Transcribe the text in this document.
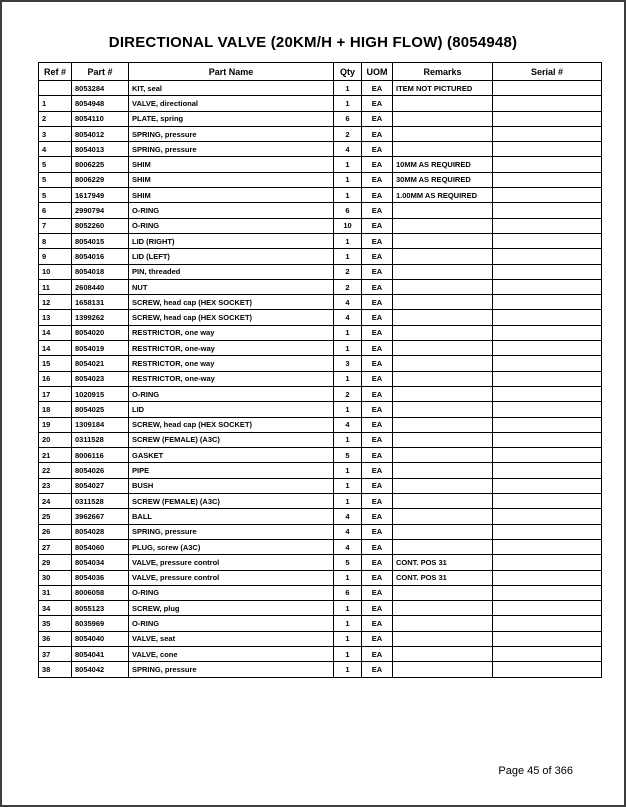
DIRECTIONAL VALVE (20KM/H + HIGH FLOW) (8054948)
Ref #	Part #	Part Name	Qty	UOM	Remarks	Serial #
	8053284	KIT, seal	1	EA	ITEM NOT PICTURED	
1	8054948	VALVE, directional	1	EA		
2	8054110	PLATE, spring	6	EA		
3	8054012	SPRING, pressure	2	EA		
4	8054013	SPRING, pressure	4	EA		
5	8006225	SHIM	1	EA	10MM AS REQUIRED	
5	8006229	SHIM	1	EA	30MM AS REQUIRED	
5	1617949	SHIM	1	EA	1.00MM AS REQUIRED	
6	2990794	O-RING	6	EA		
7	8052260	O-RING	10	EA		
8	8054015	LID (RIGHT)	1	EA		
9	8054016	LID (LEFT)	1	EA		
10	8054018	PIN, threaded	2	EA		
11	2608440	NUT	2	EA		
12	1658131	SCREW, head cap (HEX SOCKET)	4	EA		
13	1399262	SCREW, head cap (HEX SOCKET)	4	EA		
14	8054020	RESTRICTOR, one way	1	EA		
14	8054019	RESTRICTOR, one-way	1	EA		
15	8054021	RESTRICTOR, one way	3	EA		
16	8054023	RESTRICTOR, one-way	1	EA		
17	1020915	O-RING	2	EA		
18	8054025	LID	1	EA		
19	1309184	SCREW, head cap (HEX SOCKET)	4	EA		
20	0311528	SCREW (FEMALE) (A3C)	1	EA		
21	8006116	GASKET	5	EA		
22	8054026	PIPE	1	EA		
23	8054027	BUSH	1	EA		
24	0311528	SCREW (FEMALE) (A3C)	1	EA		
25	3962667	BALL	4	EA		
26	8054028	SPRING, pressure	4	EA		
27	8054060	PLUG, screw (A3C)	4	EA		
29	8054034	VALVE, pressure control	5	EA	CONT. POS 31	
30	8054036	VALVE, pressure control	1	EA	CONT. POS 31	
31	8006058	O-RING	6	EA		
34	8055123	SCREW, plug	1	EA		
35	8035969	O-RING	1	EA		
36	8054040	VALVE, seat	1	EA		
37	8054041	VALVE, cone	1	EA		
38	8054042	SPRING, pressure	1	EA		
Page 45 of 366
